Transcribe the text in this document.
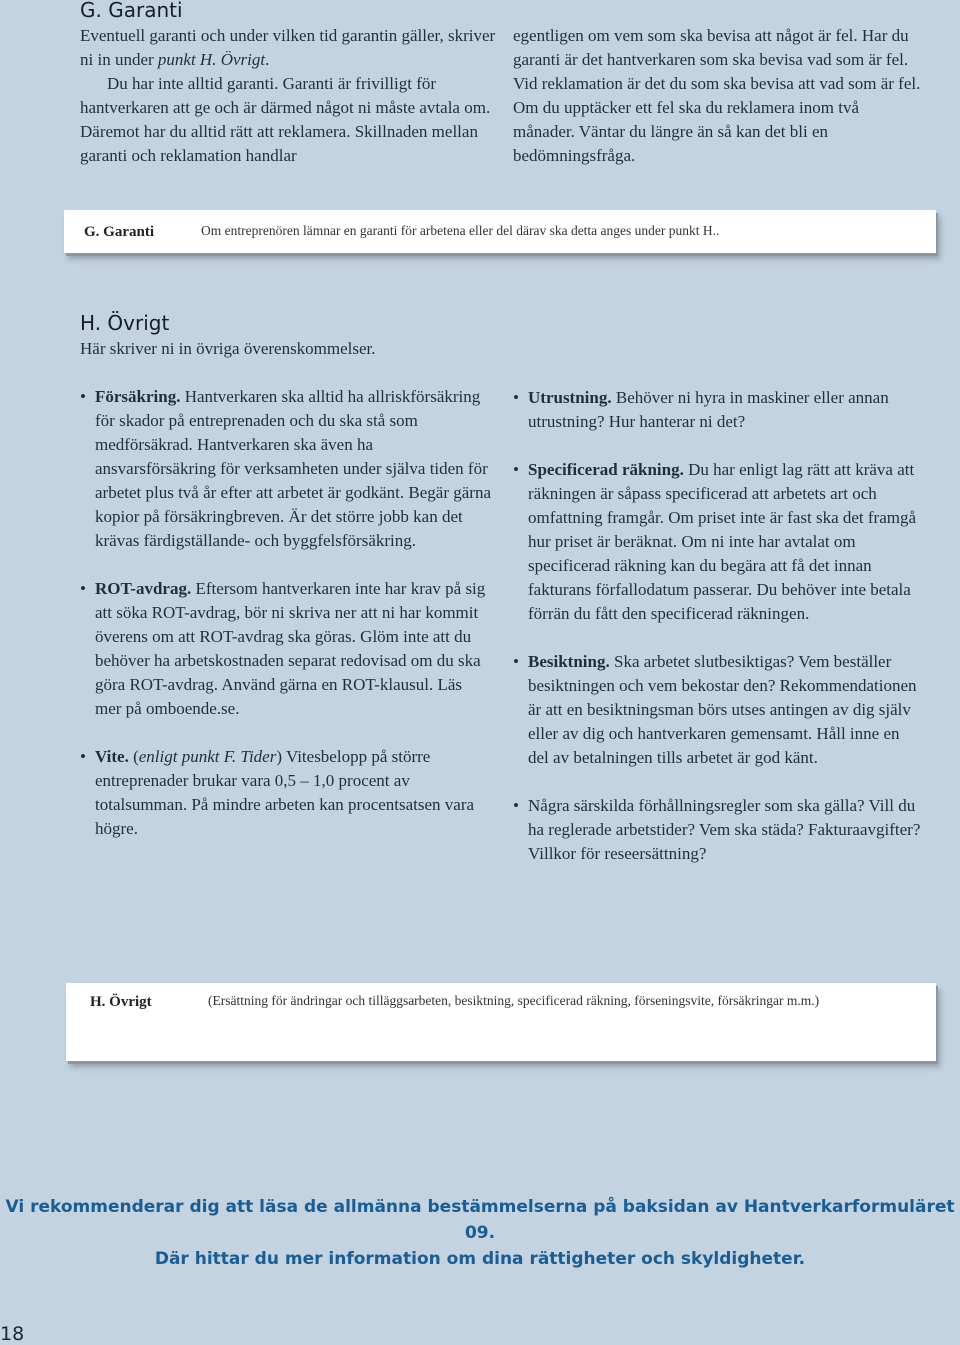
G. Garanti

Eventuell garanti och under vilken tid garantin gäller, skriver ni in under punkt H. Övrigt.

Du har inte alltid garanti. Garanti är frivilligt för hantverkaren att ge och är därmed något ni måste avtala om. Däremot har du alltid rätt att reklamera. Skillnaden mellan garanti och reklamation handlar

egentligen om vem som ska bevisa att något är fel. Har du garanti är det hantverkaren som ska bevisa vad som är fel. Vid reklamation är det du som ska bevisa att vad som är fel. Om du upptäcker ett fel ska du reklamera inom två månader. Väntar du längre än så kan det bli en bedömningsfråga.

G. Garanti	Om entreprenören lämnar en garanti för arbetena eller del därav ska detta anges under punkt H..
H. Övrigt
Här skriver ni in övriga överenskommelser.
• Försäkring. Hantverkaren ska alltid ha allriskförsäkring för skador på entreprenaden och du ska stå som medförsäkrad. Hantverkaren ska även ha ansvarsförsäkring för verksamheten under själva tiden för arbetet plus två år efter att arbetet är godkänt. Begär gärna kopior på försäkringbreven. Är det större jobb kan det krävas färdigställande- och byggfelsförsäkring.
• ROT-avdrag. Eftersom hantverkaren inte har krav på sig att söka ROT-avdrag, bör ni skriva ner att ni har kommit överens om att ROT-avdrag ska göras. Glöm inte att du behöver ha arbetskostnaden separat redovisad om du ska göra ROT-avdrag. Använd gärna en ROT-klausul. Läs mer på omboende.se.
• Vite. (enligt punkt F. Tider) Vitesbelopp på större entreprenader brukar vara 0,5 – 1,0 procent av totalsumman. På mindre arbeten kan procentsatsen vara högre.
• Utrustning. Behöver ni hyra in maskiner eller annan utrustning? Hur hanterar ni det?
• Specificerad räkning. Du har enligt lag rätt att kräva att räkningen är såpass specificerad att arbetets art och omfattning framgår. Om priset inte är fast ska det framgå hur priset är beräknat. Om ni inte har avtalat om specificerad räkning kan du begära att få det innan fakturans förfallodatum passerar. Du behöver inte betala förrän du fått den specificerad räkningen.
• Besiktning. Ska arbetet slutbesiktigas? Vem beställer besiktningen och vem bekostar den? Rekommendationen är att en besiktningsman börs utses antingen av dig själv eller av dig och hantverkaren gemensamt. Håll inne en del av betalningen tills arbetet är god känt.
• Några särskilda förhållningsregler som ska gälla? Vill du ha reglerade arbetstider? Vem ska städa? Fakturaavgifter? Villkor för reseersättning?
H. Övrigt	(Ersättning för ändringar och tilläggsarbeten, besiktning, specificerad räkning, förseningsvite, försäkringar m.m.)
Vi rekommenderar dig att läsa de allmänna bestämmelserna på baksidan av Hantverkarformuläret 09.
Där hittar du mer information om dina rättigheter och skyldigheter.
18
